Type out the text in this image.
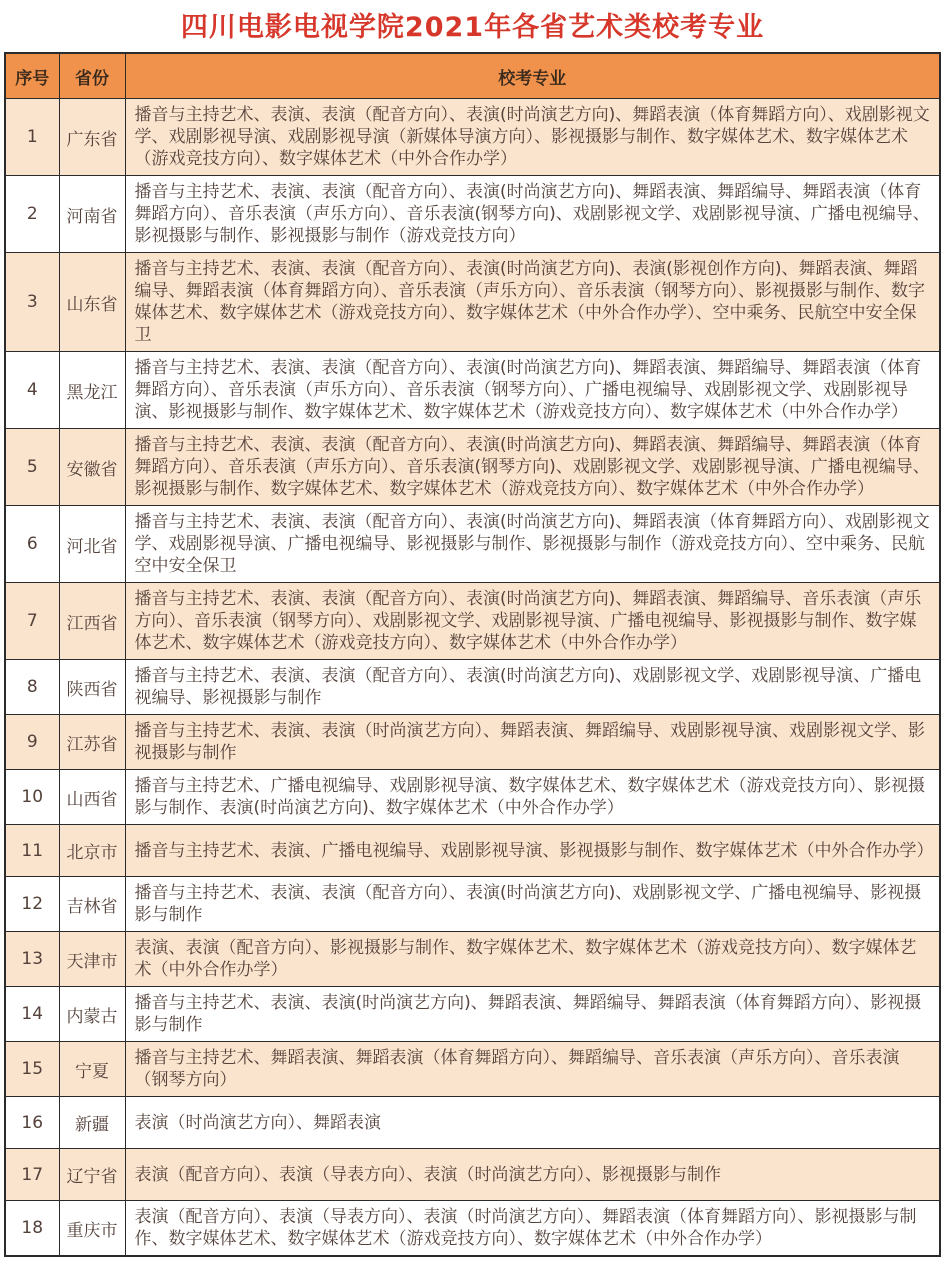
四川电影电视学院2021年各省艺术类校考专业
序号	省份	校考专业
1	广东省	播音与主持艺术、表演、表演（配音方向）、表演(时尚演艺方向)、舞蹈表演（体育舞蹈方向）、戏剧影视文学、戏剧影视导演、戏剧影视导演（新媒体导演方向）、影视摄影与制作、数字媒体艺术、数字媒体艺术（游戏竞技方向）、数字媒体艺术（中外合作办学）
2	河南省	播音与主持艺术、表演、表演（配音方向）、表演(时尚演艺方向)、舞蹈表演、舞蹈编导、舞蹈表演（体育舞蹈方向）、音乐表演（声乐方向）、音乐表演(钢琴方向)、戏剧影视文学、戏剧影视导演、广播电视编导、影视摄影与制作、影视摄影与制作（游戏竞技方向）
3	山东省	播音与主持艺术、表演、表演（配音方向）、表演(时尚演艺方向)、表演(影视创作方向)、舞蹈表演、舞蹈编导、舞蹈表演（体育舞蹈方向）、音乐表演（声乐方向）、音乐表演（钢琴方向）、影视摄影与制作、数字媒体艺术、数字媒体艺术（游戏竞技方向）、数字媒体艺术（中外合作办学）、空中乘务、民航空中安全保卫
4	黑龙江	播音与主持艺术、表演、表演（配音方向）、表演(时尚演艺方向)、舞蹈表演、舞蹈编导、舞蹈表演（体育舞蹈方向）、音乐表演（声乐方向）、音乐表演（钢琴方向）、广播电视编导、戏剧影视文学、戏剧影视导演、影视摄影与制作、数字媒体艺术、数字媒体艺术（游戏竞技方向）、数字媒体艺术（中外合作办学）
5	安徽省	播音与主持艺术、表演、表演（配音方向）、表演(时尚演艺方向)、舞蹈表演、舞蹈编导、舞蹈表演（体育舞蹈方向）、音乐表演（声乐方向）、音乐表演(钢琴方向)、戏剧影视文学、戏剧影视导演、广播电视编导、影视摄影与制作、数字媒体艺术、数字媒体艺术（游戏竞技方向）、数字媒体艺术（中外合作办学）
6	河北省	播音与主持艺术、表演、表演（配音方向）、表演(时尚演艺方向)、舞蹈表演（体育舞蹈方向）、戏剧影视文学、戏剧影视导演、广播电视编导、影视摄影与制作、影视摄影与制作（游戏竞技方向）、空中乘务、民航空中安全保卫
7	江西省	播音与主持艺术、表演、表演（配音方向）、表演(时尚演艺方向)、舞蹈表演、舞蹈编导、音乐表演（声乐方向）、音乐表演（钢琴方向）、戏剧影视文学、戏剧影视导演、广播电视编导、影视摄影与制作、数字媒体艺术、数字媒体艺术（游戏竞技方向）、数字媒体艺术（中外合作办学）
8	陕西省	播音与主持艺术、表演、表演（配音方向）、表演(时尚演艺方向)、戏剧影视文学、戏剧影视导演、广播电视编导、影视摄影与制作
9	江苏省	播音与主持艺术、表演、表演（时尚演艺方向）、舞蹈表演、舞蹈编导、戏剧影视导演、戏剧影视文学、影视摄影与制作
10	山西省	播音与主持艺术、广播电视编导、戏剧影视导演、数字媒体艺术、数字媒体艺术（游戏竞技方向）、影视摄影与制作、表演(时尚演艺方向)、数字媒体艺术（中外合作办学）
11	北京市	播音与主持艺术、表演、广播电视编导、戏剧影视导演、影视摄影与制作、数字媒体艺术（中外合作办学）
12	吉林省	播音与主持艺术、表演、表演（配音方向）、表演(时尚演艺方向)、戏剧影视文学、广播电视编导、影视摄影与制作
13	天津市	表演、表演（配音方向）、影视摄影与制作、数字媒体艺术、数字媒体艺术（游戏竞技方向）、数字媒体艺术（中外合作办学）
14	内蒙古	播音与主持艺术、表演、表演(时尚演艺方向)、舞蹈表演、舞蹈编导、舞蹈表演（体育舞蹈方向）、影视摄影与制作
15	宁夏	播音与主持艺术、舞蹈表演、舞蹈表演（体育舞蹈方向）、舞蹈编导、音乐表演（声乐方向）、音乐表演（钢琴方向）
16	新疆	表演（时尚演艺方向）、舞蹈表演
17	辽宁省	表演（配音方向）、表演（导表方向）、表演（时尚演艺方向）、影视摄影与制作
18	重庆市	表演（配音方向）、表演（导表方向）、表演（时尚演艺方向）、舞蹈表演（体育舞蹈方向）、影视摄影与制作、数字媒体艺术、数字媒体艺术（游戏竞技方向）、数字媒体艺术（中外合作办学）
